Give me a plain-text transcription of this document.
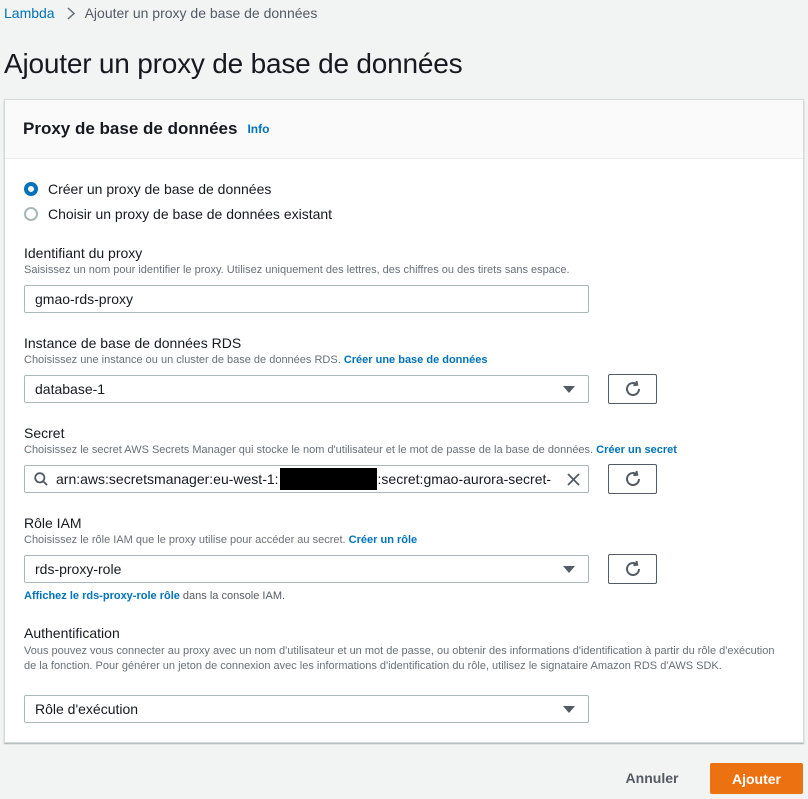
Lambda Ajouter un proxy de base de données
Ajouter un proxy de base de données
Proxy de base de données Info
Créer un proxy de base de données
Choisir un proxy de base de données existant
Identifiant du proxy
Saisissez un nom pour identifier le proxy. Utilisez uniquement des lettres, des chiffres ou des tirets sans espace.
gmao-rds-proxy
Instance de base de données RDS
Choisissez une instance ou un cluster de base de données RDS. Créer une base de données
database-1
Secret
Choisissez le secret AWS Secrets Manager qui stocke le nom d'utilisateur et le mot de passe de la base de données. Créer un secret
arn:aws:secretsmanager:eu-west-1:	:secret:gmao-aurora-secret-
Rôle IAM
Choisissez le rôle IAM que le proxy utilise pour accéder au secret. Créer un rôle
rds-proxy-role
Affichez le rds-proxy-role rôle dans la console IAM.
Authentification
Vous pouvez vous connecter au proxy avec un nom d'utilisateur et un mot de passe, ou obtenir des informations d'identification à partir du rôle d'exécution de la fonction. Pour générer un jeton de connexion avec les informations d'identification du rôle, utilisez le signataire Amazon RDS d'AWS SDK.
Rôle d'exécution
Annuler	Ajouter
